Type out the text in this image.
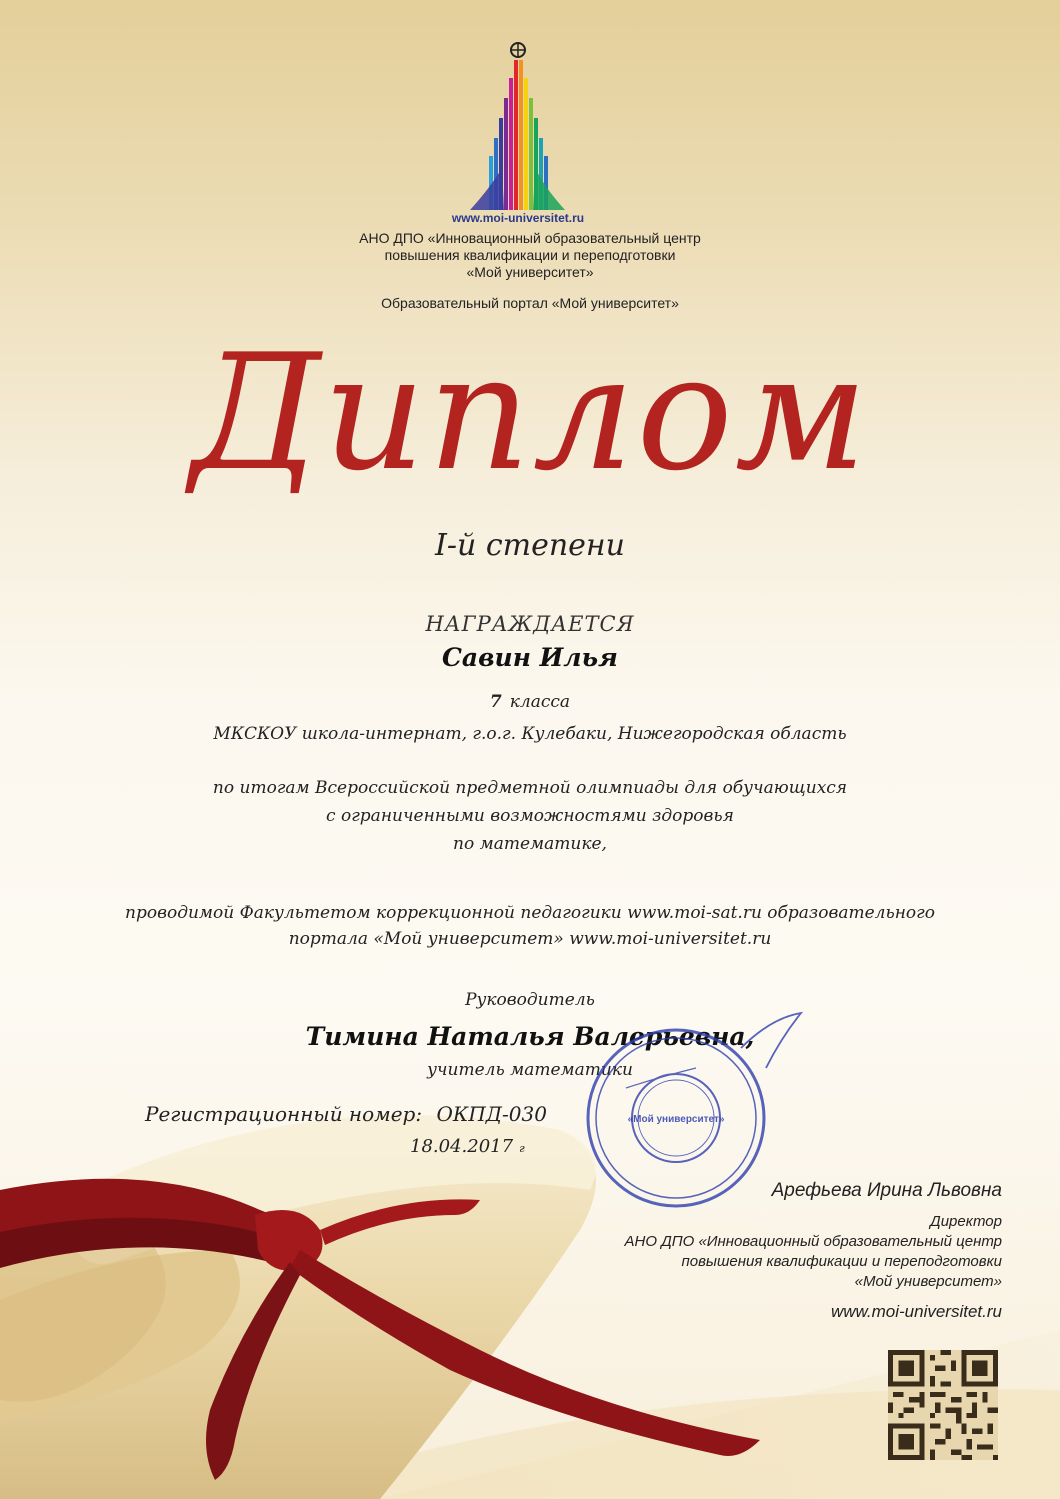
www.moi-universitet.ru
АНО ДПО «Инновационный образовательный центр
повышения квалификации и переподготовки
«Мой университет»
Образовательный портал «Мой университет»
Диплом
I-й степени
НАГРАЖДАЕТСЯ
Савин Илья
7 класса
МКСКОУ школа-интернат, г.о.г. Кулебаки, Нижегородская область
по итогам Всероссийской предметной олимпиады для обучающихся
с ограниченными возможностями здоровья
по математике,
проводимой Факультетом коррекционной педагогики www.moi-sat.ru образовательного
портала «Мой университет» www.moi-universitet.ru
Руководитель
Тимина Наталья Валерьевна,
учитель математики
Регистрационный номер: ОКПД-030
18.04.2017 г
«Мой университет»
Арефьева Ирина Львовна
Директор
АНО ДПО «Инновационный образовательный центр
повышения квалификации и переподготовки
«Мой университет»
www.moi-universitet.ru
